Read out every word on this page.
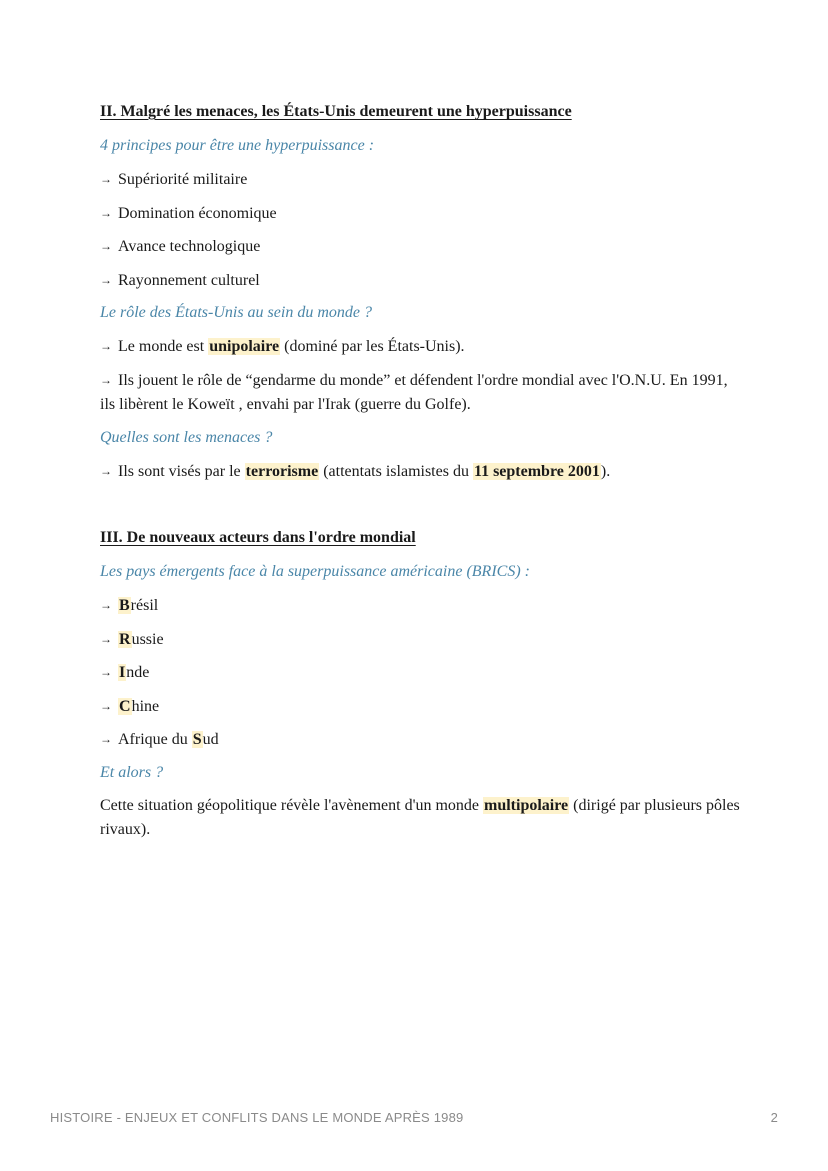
II. Malgré les menaces, les États-Unis demeurent une hyperpuissance
4 principes pour être une hyperpuissance :
→ Supériorité militaire
→ Domination économique
→ Avance technologique
→ Rayonnement culturel
Le rôle des États-Unis au sein du monde ?
→ Le monde est unipolaire (dominé par les États-Unis).
→ Ils jouent le rôle de “gendarme du monde” et défendent l'ordre mondial avec l'O.N.U. En 1991, ils libèrent le Koweït , envahi par l'Irak (guerre du Golfe).
Quelles sont les menaces ?
→ Ils sont visés par le terrorisme (attentats islamistes du 11 septembre 2001).
III. De nouveaux acteurs dans l'ordre mondial
Les pays émergents face à la superpuissance américaine (BRICS) :
→ Brésil
→ Russie
→ Inde
→ Chine
→ Afrique du Sud
Et alors ?
Cette situation géopolitique révèle l'avènement d'un monde multipolaire (dirigé par plusieurs pôles rivaux).
HISTOIRE - ENJEUX ET CONFLITS DANS LE MONDE APRÈS 1989	2
